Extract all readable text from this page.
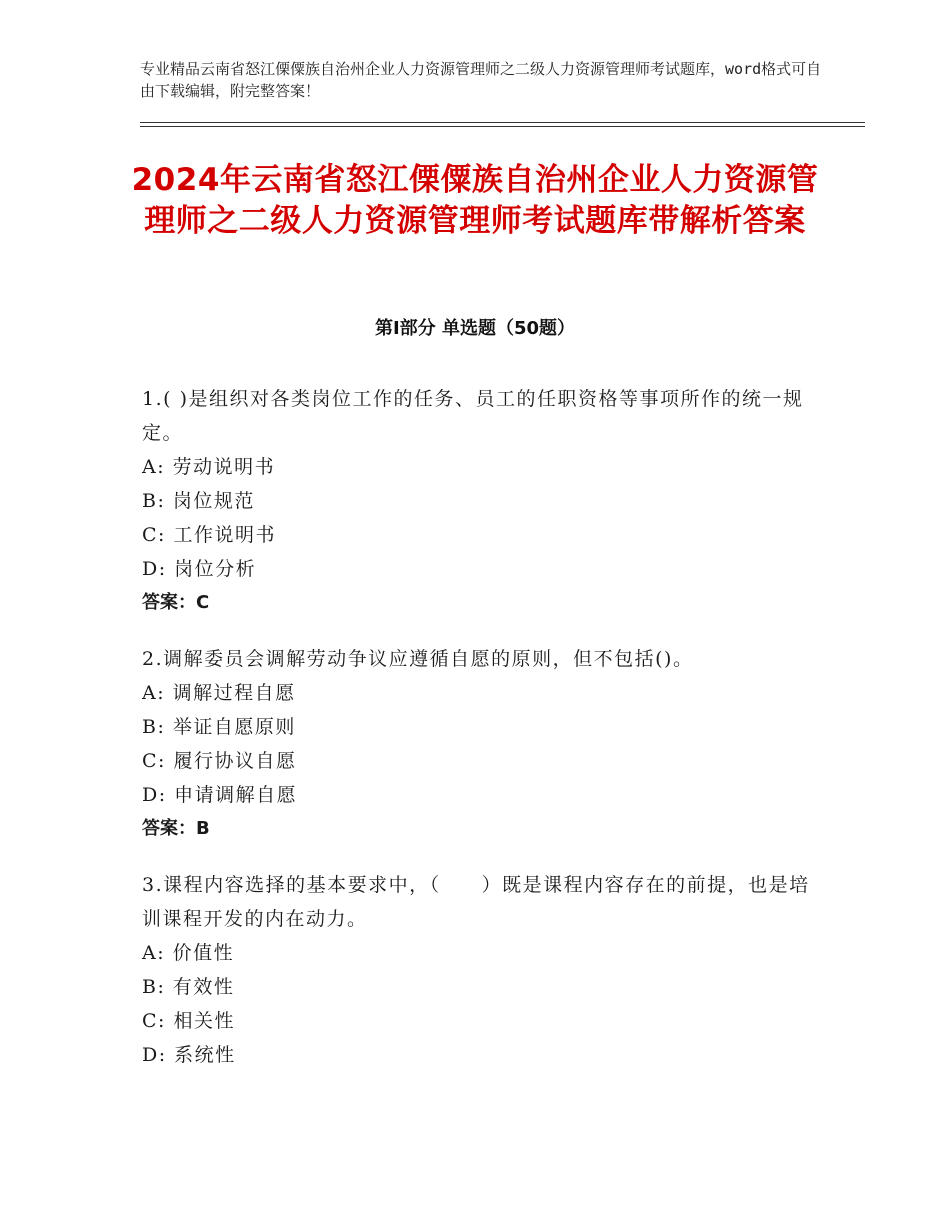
专业精品云南省怒江傈僳族自治州企业人力资源管理师之二级人力资源管理师考试题库，word格式可自由下载编辑，附完整答案！
2024年云南省怒江傈僳族自治州企业人力资源管理师之二级人力资源管理师考试题库带解析答案
第Ⅰ部分 单选题（50题）
1.( )是组织对各类岗位工作的任务、员工的任职资格等事项所作的统一规定。
A: 劳动说明书
B: 岗位规范
C: 工作说明书
D: 岗位分析
答案：C
2.调解委员会调解劳动争议应遵循自愿的原则，但不包括()。
A: 调解过程自愿
B: 举证自愿原则
C: 履行协议自愿
D: 申请调解自愿
答案：B
3.课程内容选择的基本要求中，（　　）既是课程内容存在的前提，也是培训课程开发的内在动力。
A: 价值性
B: 有效性
C: 相关性
D: 系统性
